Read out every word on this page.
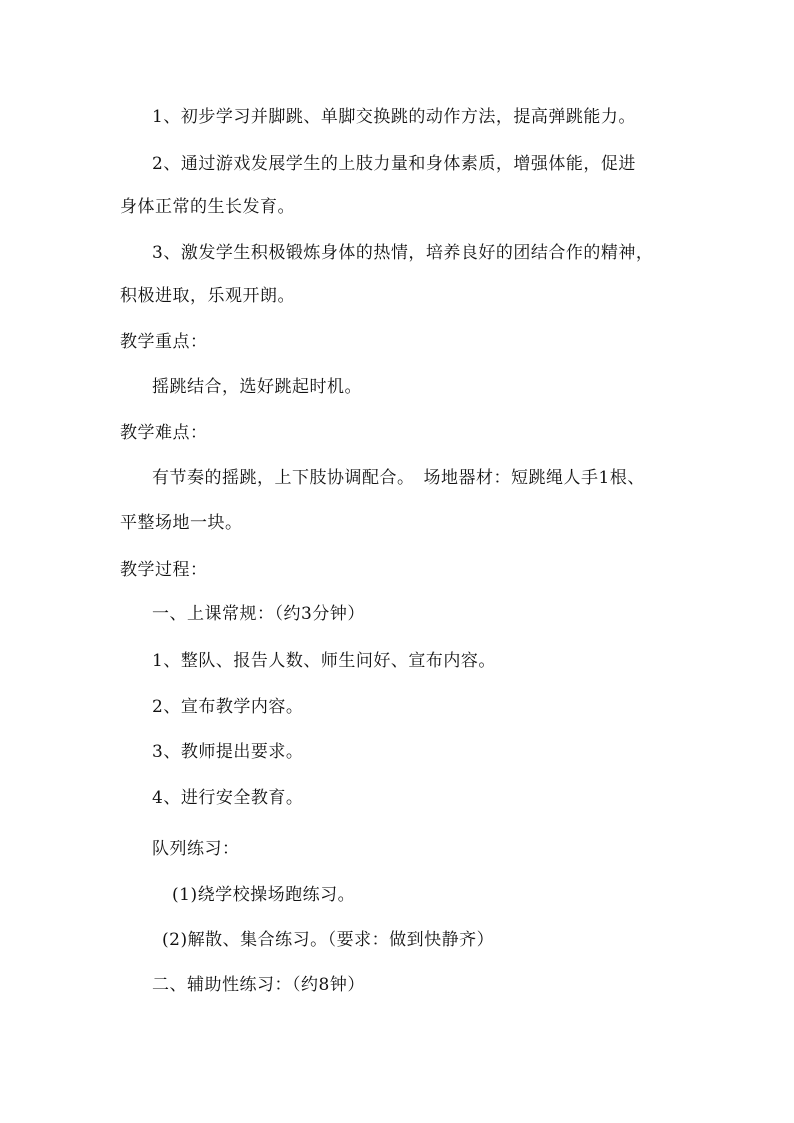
1、初步学习并脚跳、单脚交换跳的动作方法，提高弹跳能力。
2、通过游戏发展学生的上肢力量和身体素质，增强体能，促进
身体正常的生长发育。
3、激发学生积极锻炼身体的热情，培养良好的团结合作的精神，
积极进取，乐观开朗。
教学重点：
摇跳结合，选好跳起时机。
教学难点：
有节奏的摇跳，上下肢协调配合。　场地器材：短跳绳人手1根、
平整场地一块。
教学过程：
一、上课常规：（约3分钟）
1、整队、报告人数、师生问好、宣布内容。
2、宣布教学内容。
3、教师提出要求。
4、进行安全教育。
队列练习：
(1)绕学校操场跑练习。
(2)解散、集合练习。（要求：做到快静齐）
二、辅助性练习：（约8钟）
